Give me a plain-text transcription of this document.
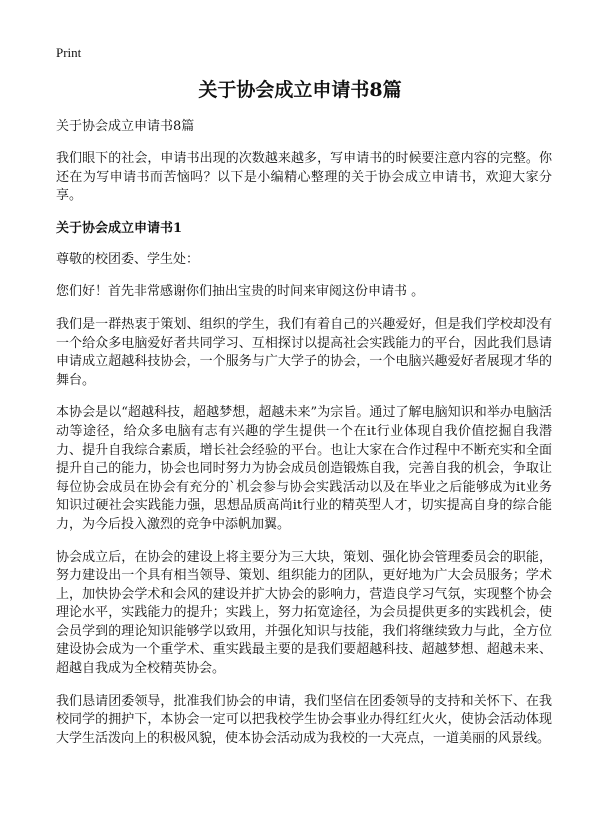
Print
关于协会成立申请书8篇
关于协会成立申请书8篇

我们眼下的社会，申请书出现的次数越来越多，写申请书的时候要注意内容的完整。你还在为写申请书而苦恼吗？以下是小编精心整理的关于协会成立申请书，欢迎大家分享。

关于协会成立申请书1

尊敬的校团委、学生处：

您们好！首先非常感谢你们抽出宝贵的时间来审阅这份申请书 。

我们是一群热衷于策划、组织的学生，我们有着自己的兴趣爱好，但是我们学校却没有一个给众多电脑爱好者共同学习、互相探讨以提高社会实践能力的平台，因此我们恳请申请成立超越科技协会，一个服务与广大学子的协会，一个电脑兴趣爱好者展现才华的舞台。

本协会是以“超越科技，超越梦想，超越未来”为宗旨。通过了解电脑知识和举办电脑活动等途径，给众多电脑有志有兴趣的学生提供一个在it行业体现自我价值挖掘自我潜力、提升自我综合素质，增长社会经验的平台。也让大家在合作过程中不断充实和全面提升自己的能力，协会也同时努力为协会成员创造锻炼自我，完善自我的机会，争取让每位协会成员在协会有充分的`机会参与协会实践活动以及在毕业之后能够成为it业务知识过硬社会实践能力强，思想品质高尚it行业的精英型人才，切实提高自身的综合能力，为今后投入激烈的竞争中添帆加翼。

协会成立后，在协会的建设上将主要分为三大块，策划、强化协会管理委员会的职能，努力建设出一个具有相当领导、策划、组织能力的团队，更好地为广大会员服务；学术上，加快协会学术和会风的建设并扩大协会的影响力，营造良学习气氛，实现整个协会理论水平，实践能力的提升；实践上，努力拓宽途径，为会员提供更多的实践机会，使会员学到的理论知识能够学以致用，并强化知识与技能，我们将继续致力与此，全方位建设协会成为一个重学术、重实践最主要的是我们要超越科技、超越梦想、超越未来、超越自我成为全校精英协会。

我们恳请团委领导，批准我们协会的申请，我们坚信在团委领导的支持和关怀下、在我校同学的拥护下，本协会一定可以把我校学生协会事业办得红红火火，使协会活动体现大学生活泼向上的积极风貌，使本协会活动成为我校的一大亮点，一道美丽的风景线。
